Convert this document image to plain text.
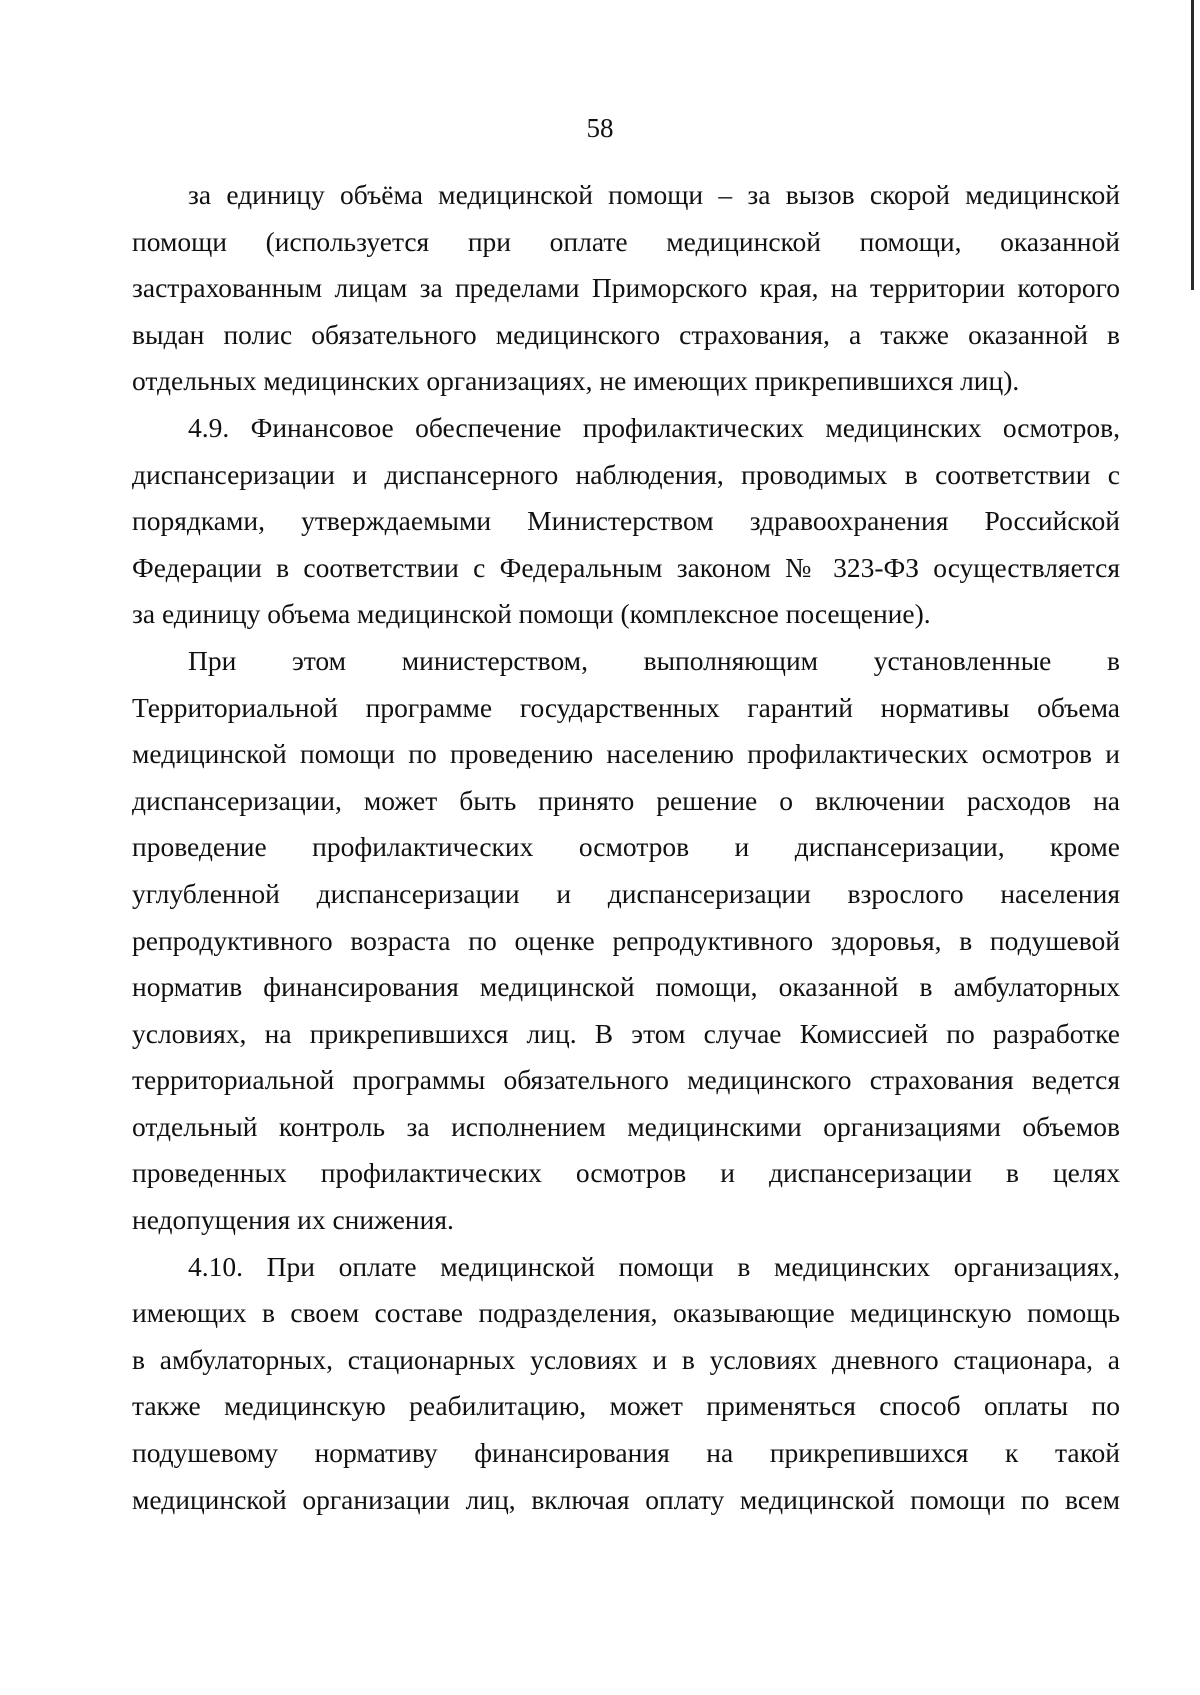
58
за единицу объёма медицинской помощи – за вызов скорой медицинской
помощи (используется при оплате медицинской помощи, оказанной
застрахованным лицам за пределами Приморского края, на территории которого
выдан полис обязательного медицинского страхования, а также оказанной в
отдельных медицинских организациях, не имеющих прикрепившихся лиц).
4.9. Финансовое обеспечение профилактических медицинских осмотров,
диспансеризации и диспансерного наблюдения, проводимых в соответствии с
порядками, утверждаемыми Министерством здравоохранения Российской
Федерации в соответствии с Федеральным законом № 323-ФЗ осуществляется
за единицу объема медицинской помощи (комплексное посещение).
При этом министерством, выполняющим установленные в
Территориальной программе государственных гарантий нормативы объема
медицинской помощи по проведению населению профилактических осмотров и
диспансеризации, может быть принято решение о включении расходов на
проведение профилактических осмотров и диспансеризации, кроме
углубленной диспансеризации и диспансеризации взрослого населения
репродуктивного возраста по оценке репродуктивного здоровья, в подушевой
норматив финансирования медицинской помощи, оказанной в амбулаторных
условиях, на прикрепившихся лиц. В этом случае Комиссией по разработке
территориальной программы обязательного медицинского страхования ведется
отдельный контроль за исполнением медицинскими организациями объемов
проведенных профилактических осмотров и диспансеризации в целях
недопущения их снижения.
4.10. При оплате медицинской помощи в медицинских организациях,
имеющих в своем составе подразделения, оказывающие медицинскую помощь
в амбулаторных, стационарных условиях и в условиях дневного стационара, а
также медицинскую реабилитацию, может применяться способ оплаты по
подушевому нормативу финансирования на прикрепившихся к такой
медицинской организации лиц, включая оплату медицинской помощи по всем
